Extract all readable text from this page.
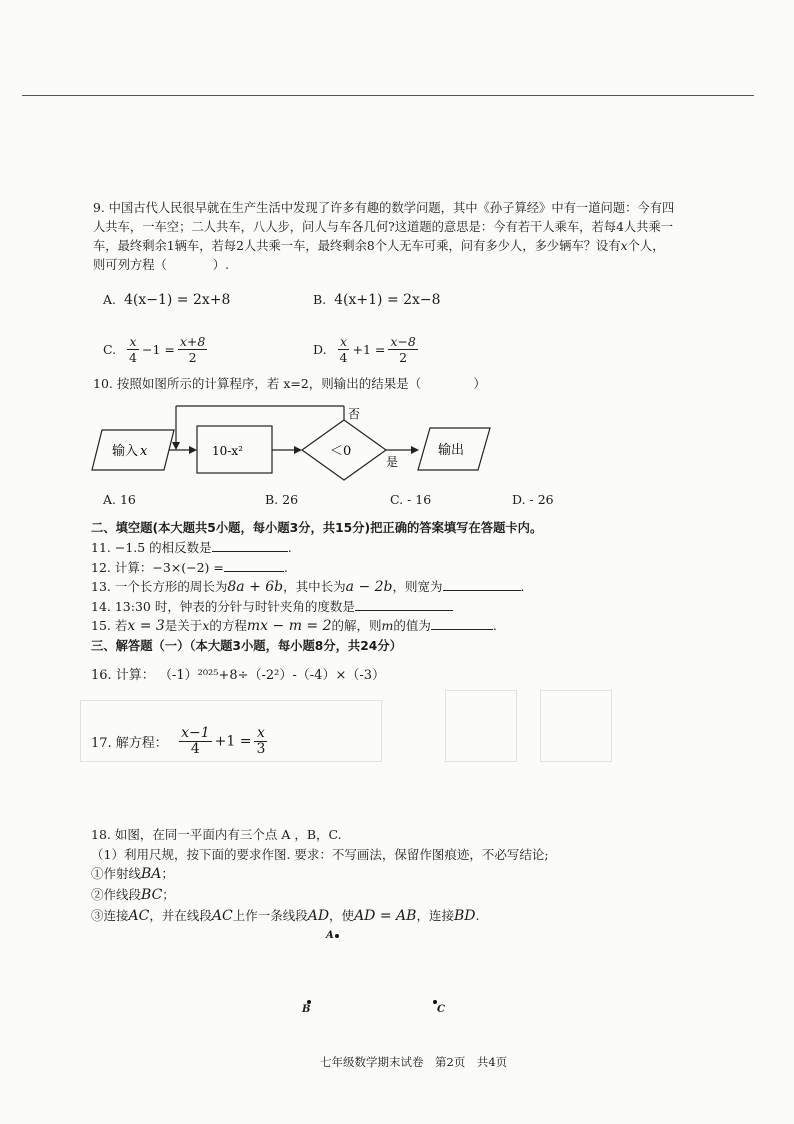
9. 中国古代人民很早就在生产生活中发现了许多有趣的数学问题，其中《孙子算经》中有一道问题：今有四人共车，一车空；二人共车，八人步，问人与车各几何?这道题的意思是：今有若干人乘车，若每4人共乘一车，最终剩余1辆车，若每2人共乘一车，最终剩余8个人无车可乘，问有多少人，多少辆车？设有x个人，则可列方程（	）.
A. 4(x−1) = 2x+8	B. 4(x+1) = 2x−8
C. $\frac{x}{4} -1 = \frac{x+8}{2}$	D. $\frac{x}{4} +1 = \frac{x-8}{2}$
10. 按照如图所示的计算程序，若 x=2，则输出的结果是（	）
输入 x	10-x²	＜0
否
是
输出
A. 16	B. 26	C. - 16	D. - 26
二、填空题(本大题共5小题，每小题3分，共15分)把正确的答案填写在答题卡内。
11. −1.5 的相反数是	.
12. 计算：−3×(−2) =	.
13. 一个长方形的周长为8a + 6b，其中长为a − 2b，则宽为	.
14. 13:30 时，钟表的分针与时针夹角的度数是
15. 若x = 3是关于x的方程mx − m = 2的解，则m的值为	.
三、解答题（一）（本大题3小题，每小题8分，共24分）
16. 计算： （-1）²⁰²⁵+8÷（-2²）-（-4）×（-3）
17. 解方程： $\frac{x-1}{4} +1 = \frac{x}{3}$
18. 如图，在同一平面内有三个点 A ，B，C.
（1）利用尺规，按下面的要求作图. 要求：不写画法，保留作图痕迹，不必写结论;
①作射线BA；
②作线段BC；
③连接AC，并在线段AC上作一条线段AD，使AD = AB，连接BD.
A
B	C
七年级数学期末试卷　第2页　共4页
